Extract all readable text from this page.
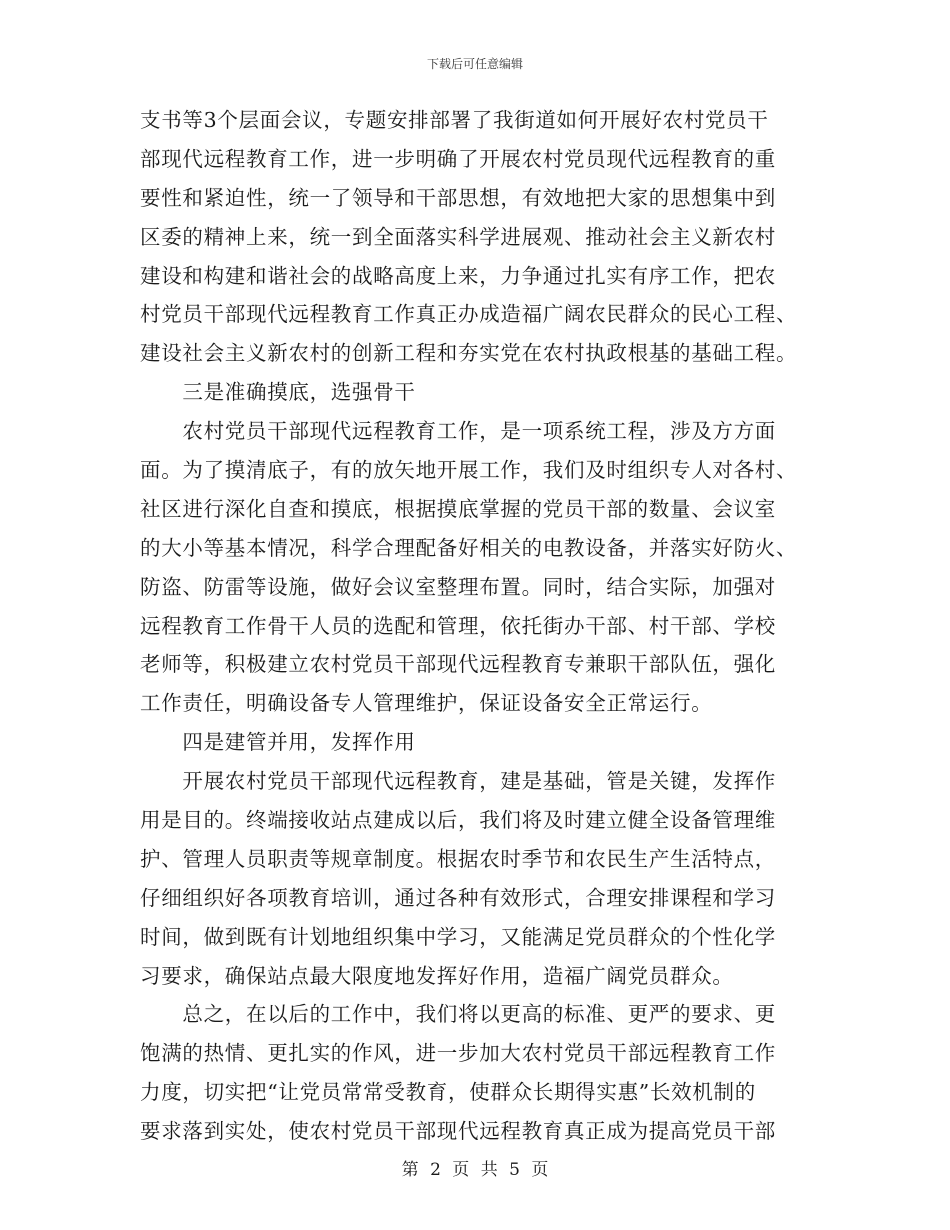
下载后可任意编辑
支书等3个层面会议，专题安排部署了我街道如何开展好农村党员干
部现代远程教育工作，进一步明确了开展农村党员现代远程教育的重
要性和紧迫性，统一了领导和干部思想，有效地把大家的思想集中到
区委的精神上来，统一到全面落实科学进展观、推动社会主义新农村
建设和构建和谐社会的战略高度上来，力争通过扎实有序工作，把农
村党员干部现代远程教育工作真正办成造福广阔农民群众的民心工程、
建设社会主义新农村的创新工程和夯实党在农村执政根基的基础工程。
　　三是准确摸底，选强骨干
　　农村党员干部现代远程教育工作，是一项系统工程，涉及方方面
面。为了摸清底子，有的放矢地开展工作，我们及时组织专人对各村、
社区进行深化自查和摸底，根据摸底掌握的党员干部的数量、会议室
的大小等基本情况，科学合理配备好相关的电教设备，并落实好防火、
防盗、防雷等设施，做好会议室整理布置。同时，结合实际，加强对
远程教育工作骨干人员的选配和管理，依托街办干部、村干部、学校
老师等，积极建立农村党员干部现代远程教育专兼职干部队伍，强化
工作责任，明确设备专人管理维护，保证设备安全正常运行。
　　四是建管并用，发挥作用
　　开展农村党员干部现代远程教育，建是基础，管是关键，发挥作
用是目的。终端接收站点建成以后，我们将及时建立健全设备管理维
护、管理人员职责等规章制度。根据农时季节和农民生产生活特点，
仔细组织好各项教育培训，通过各种有效形式，合理安排课程和学习
时间，做到既有计划地组织集中学习，又能满足党员群众的个性化学
习要求，确保站点最大限度地发挥好作用，造福广阔党员群众。
　　总之，在以后的工作中，我们将以更高的标准、更严的要求、更
饱满的热情、更扎实的作风，进一步加大农村党员干部远程教育工作
力度，切实把“让党员常常受教育，使群众长期得实惠”长效机制的
要求落到实处，使农村党员干部现代远程教育真正成为提高党员干部
第 2 页 共 5 页
